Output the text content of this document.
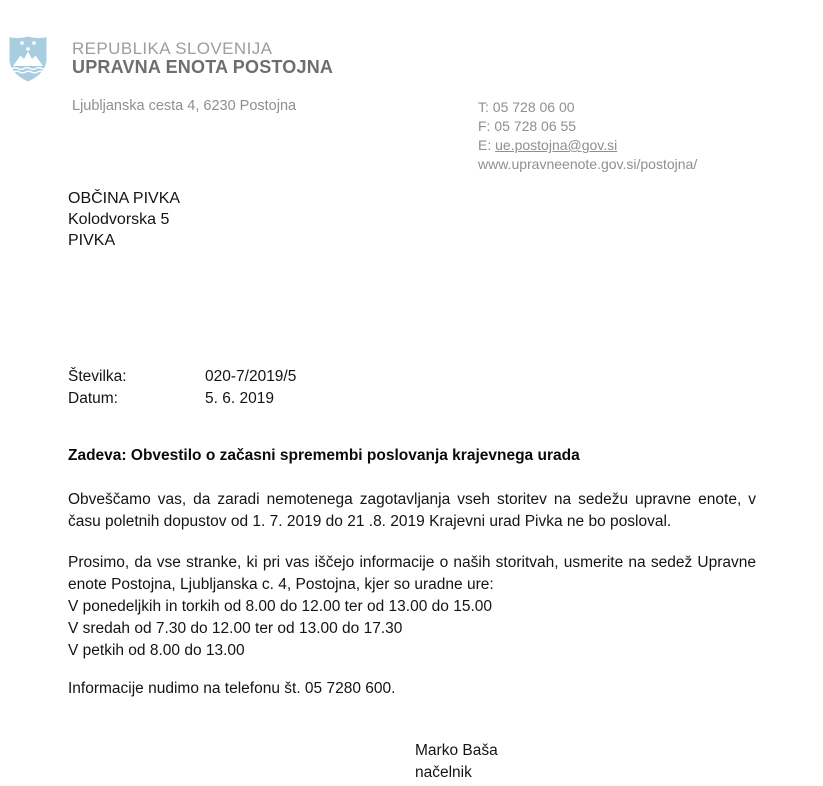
REPUBLIKA SLOVENIJA
UPRAVNA ENOTA POSTOJNA
Ljubljanska cesta 4, 6230 Postojna	T: 05 728 06 00
F: 05 728 06 55
E: ue.postojna@gov.si
www.upravneenote.gov.si/postojna/
OBČINA PIVKA
Kolodvorska 5
PIVKA
Številka:	020-7/2019/5
Datum:	5. 6. 2019
Zadeva: Obvestilo o začasni spremembi poslovanja krajevnega urada
Obveščamo vas, da zaradi nemotenega zagotavljanja vseh storitev na sedežu upravne enote, v času poletnih dopustov od 1. 7. 2019 do 21 .8. 2019 Krajevni urad Pivka ne bo posloval.
Prosimo, da vse stranke, ki pri vas iščejo informacije o naših storitvah, usmerite na sedež Upravne enote Postojna, Ljubljanska c. 4, Postojna, kjer so uradne ure:
V ponedeljkih in torkih od 8.00 do 12.00 ter od 13.00 do 15.00
V sredah od 7.30 do 12.00 ter od 13.00 do 17.30
V petkih od 8.00 do 13.00
Informacije nudimo na telefonu št. 05 7280 600.
Marko Baša
načelnik
